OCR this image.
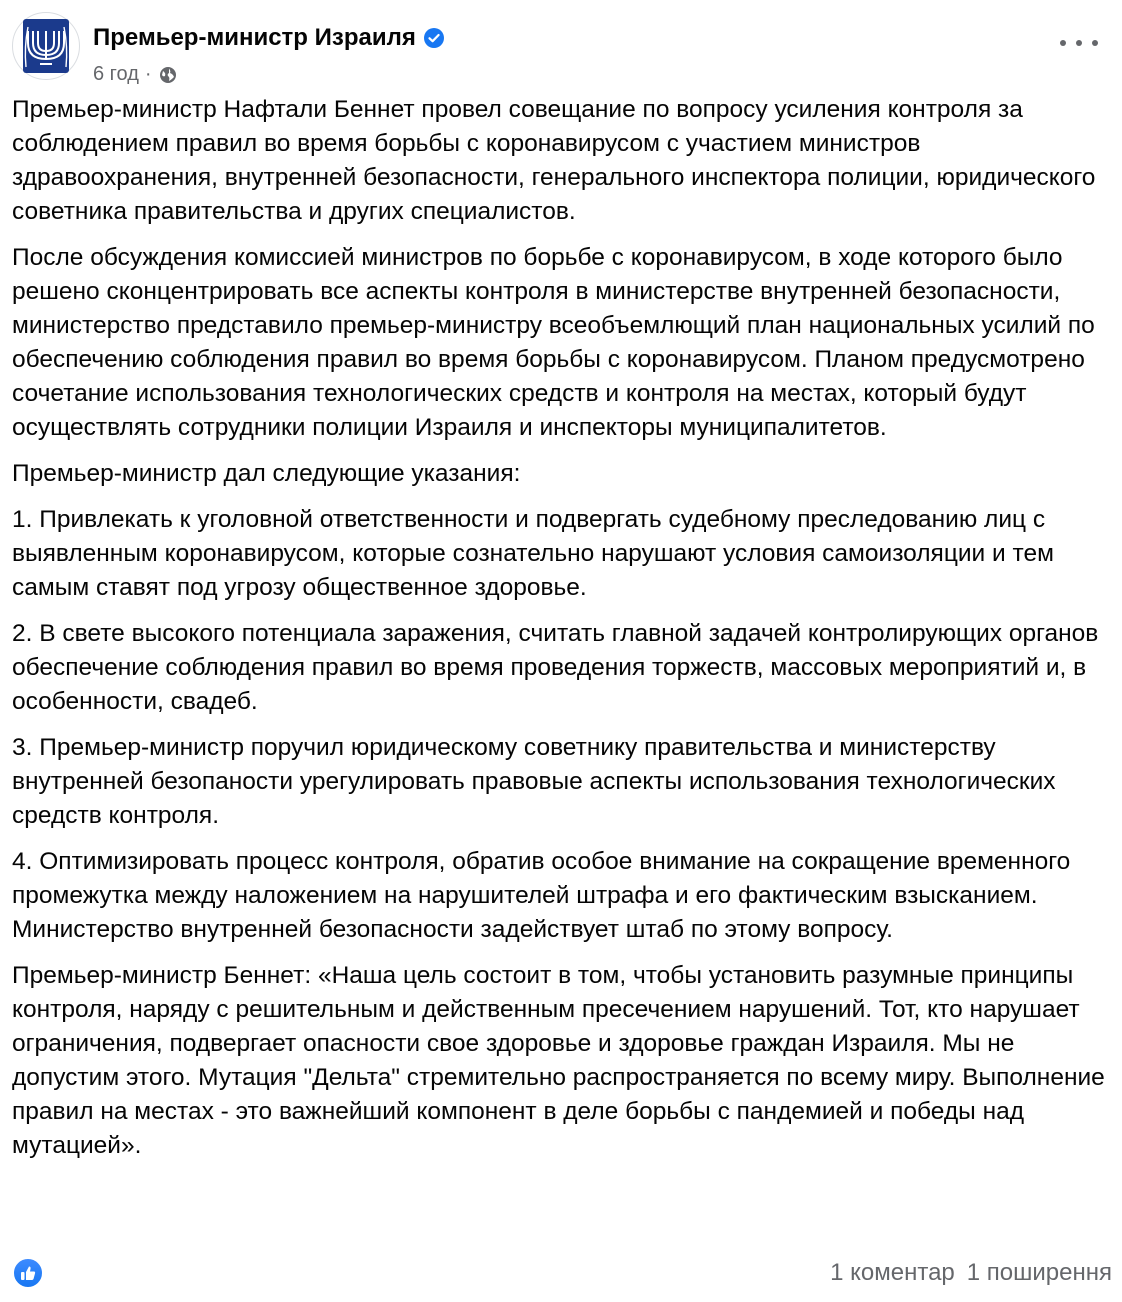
Премьер-министр Израиля
6 год ·

Премьер-министр Нафтали Беннет провел совещание по вопросу усиления контроля за соблюдением правил во время борьбы с коронавирусом с участием министров здравоохранения, внутренней безопасности, генерального инспектора полиции, юридического советника правительства и других специалистов.

После обсуждения комиссией министров по борьбе с коронавирусом, в ходе которого было решено сконцентрировать все аспекты контроля в министерстве внутренней безопасности, министерство представило премьер-министру всеобъемлющий план национальных усилий по обеспечению соблюдения правил во время борьбы с коронавирусом. Планом предусмотрено сочетание использования технологических средств и контроля на местах, который будут осуществлять сотрудники полиции Израиля и инспекторы муниципалитетов.

Премьер-министр дал следующие указания:

1. Привлекать к уголовной ответственности и подвергать судебному преследованию лиц с выявленным коронавирусом, которые сознательно нарушают условия самоизоляции и тем самым ставят под угрозу общественное здоровье.

2. В свете высокого потенциала заражения, считать главной задачей контролирующих органов обеспечение соблюдения правил во время проведения торжеств, массовых мероприятий и, в особенности, свадеб.

3. Премьер-министр поручил юридическому советнику правительства и министерству внутренней безопаности урегулировать правовые аспекты использования технологических средств контроля.

4. Оптимизировать процесс контроля, обратив особое внимание на сокращение временного промежутка между наложением на нарушителей штрафа и его фактическим взысканием. Министерство внутренней безопасности задействует штаб по этому вопросу.

Премьер-министр Беннет: «Наша цель состоит в том, чтобы установить разумные принципы контроля, наряду с решительным и действенным пресечением нарушений. Тот, кто нарушает ограничения, подвергает опасности свое здоровье и здоровье граждан Израиля. Мы не допустим этого. Мутация "Дельта" стремительно распространяется по всему миру. Выполнение правил на местах - это важнейший компонент в деле борьбы с пандемией и победы над мутацией».

1 коментар 1 поширення
